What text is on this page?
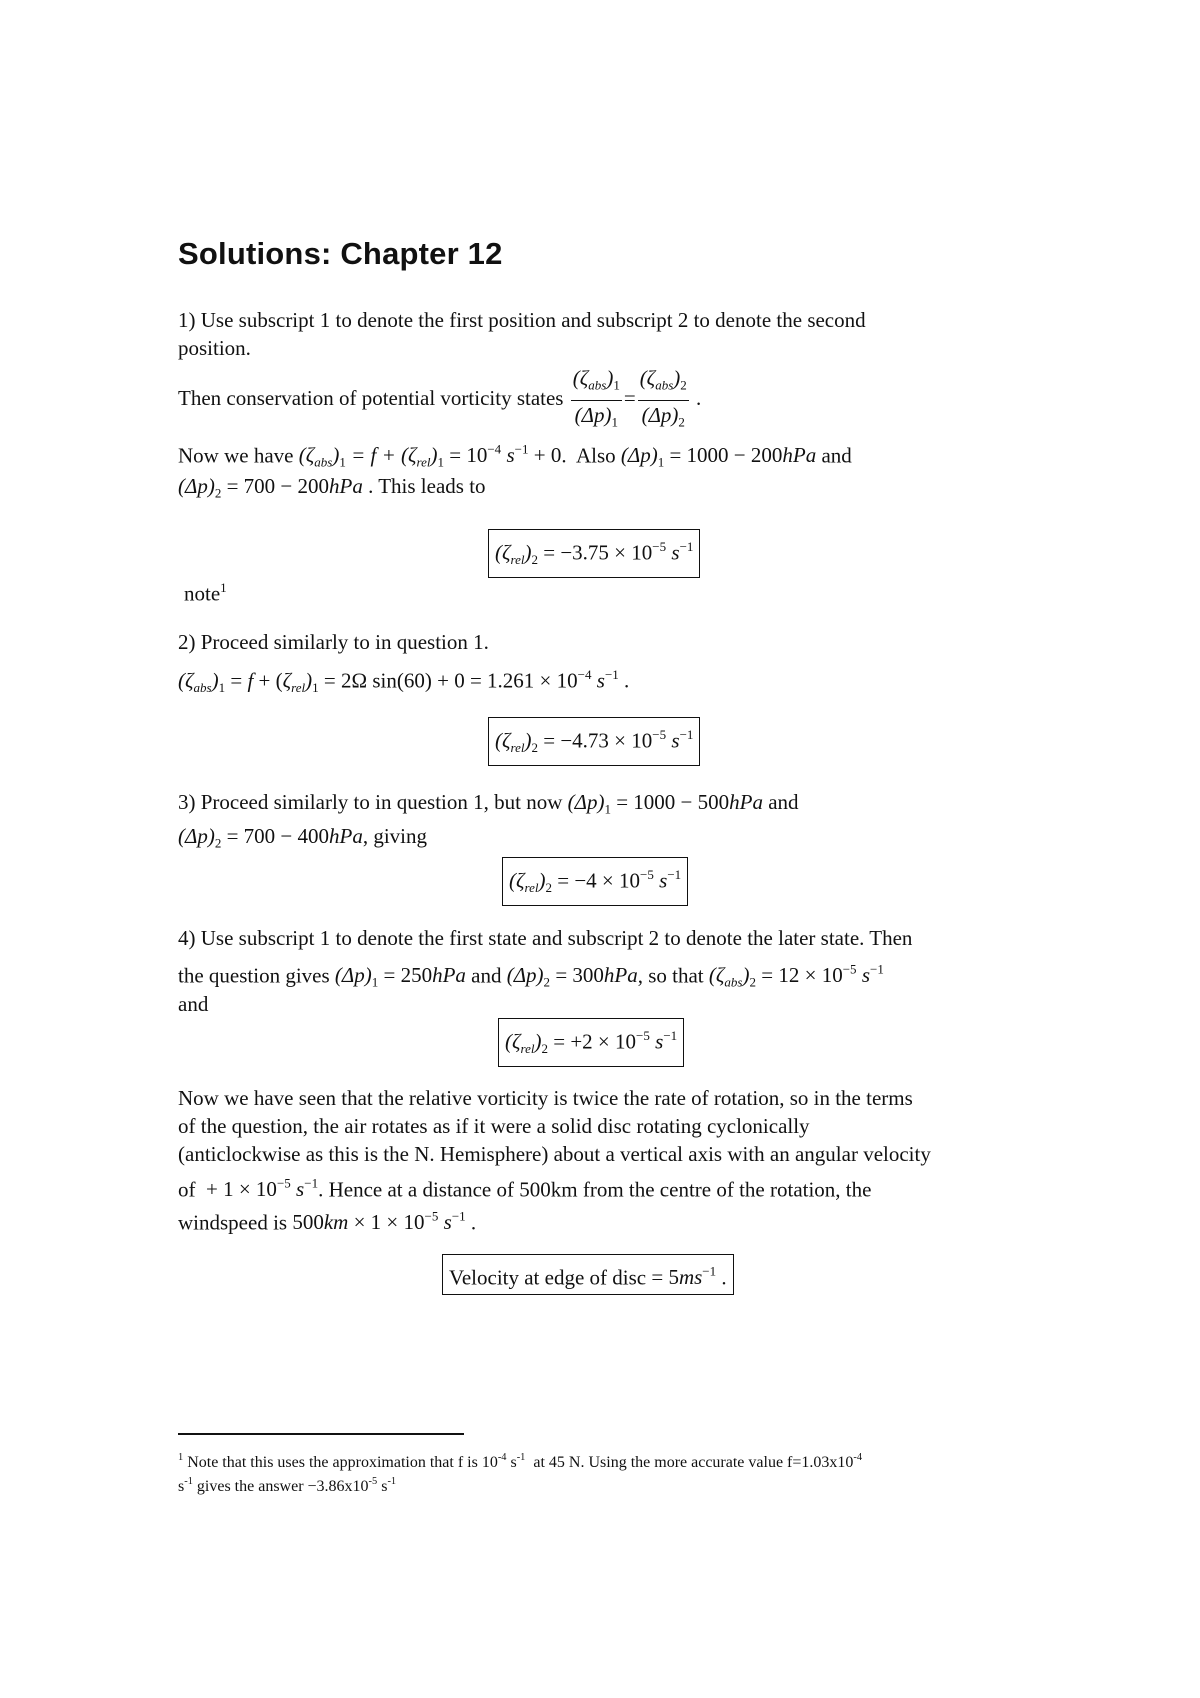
Solutions: Chapter 12
1) Use subscript 1 to denote the first position and subscript 2 to denote the second
position.
Then conservation of potential vorticity states $\frac{(\zeta_{abs})_1}{(\Delta p)_1} = \frac{(\zeta_{abs})_2}{(\Delta p)_2}$ .
Now we have $(\zeta_{abs})_1 = f + (\zeta_{rel})_1 = 10^{-4}$ $s^{-1} + 0$.  Also $(\Delta p)_1 = 1000 - 200hPa$ and
$(\Delta p)_2 = 700 - 200hPa$ . This leads to
$(\zeta_{rel})_2 = -3.75 \times 10^{-5}$ $s^{-1}$
note$^1$
2) Proceed similarly to in question 1.
$(\zeta_{abs})_1 = f + (\zeta_{rel})_1 = 2\Omega$ $\sin(60) + 0 = 1.261 \times 10^{-4}$ $s^{-1}$ .
$(\zeta_{rel})_2 = -4.73 \times 10^{-5}$ $s^{-1}$
3) Proceed similarly to in question 1, but now $(\Delta p)_1 = 1000 - 500hPa$ and
$(\Delta p)_2 = 700 - 400hPa$, giving
$(\zeta_{rel})_2 = -4 \times 10^{-5}$ $s^{-1}$
4) Use subscript 1 to denote the first state and subscript 2 to denote the later state. Then
the question gives $(\Delta p)_1 = 250hPa$ and $(\Delta p)_2 = 300hPa$, so that $(\zeta_{abs})_2 = 12 \times 10^{-5}$ $s^{-1}$
and
$(\zeta_{rel})_2 = +2 \times 10^{-5}$ $s^{-1}$
Now we have seen that the relative vorticity is twice the rate of rotation, so in the terms
of the question, the air rotates as if it were a solid disc rotating cyclonically
(anticlockwise as this is the N. Hemisphere) about a vertical axis with an angular velocity
of + $1 \times 10^{-5}$ $s^{-1}$. Hence at a distance of 500km from the centre of the rotation, the
windspeed is $500km \times 1 \times 10^{-5}$ $s^{-1}$ .
Velocity at edge of disc = $5ms^{-1}$ .
$^1$ Note that this uses the approximation that f is $10^{-4}$ $s^{-1}$ at 45 N. Using the more accurate value $f=1.03x10^{-4}$
$s^{-1}$ gives the answer $-3.86x10^{-5}$ $s^{-1}$
